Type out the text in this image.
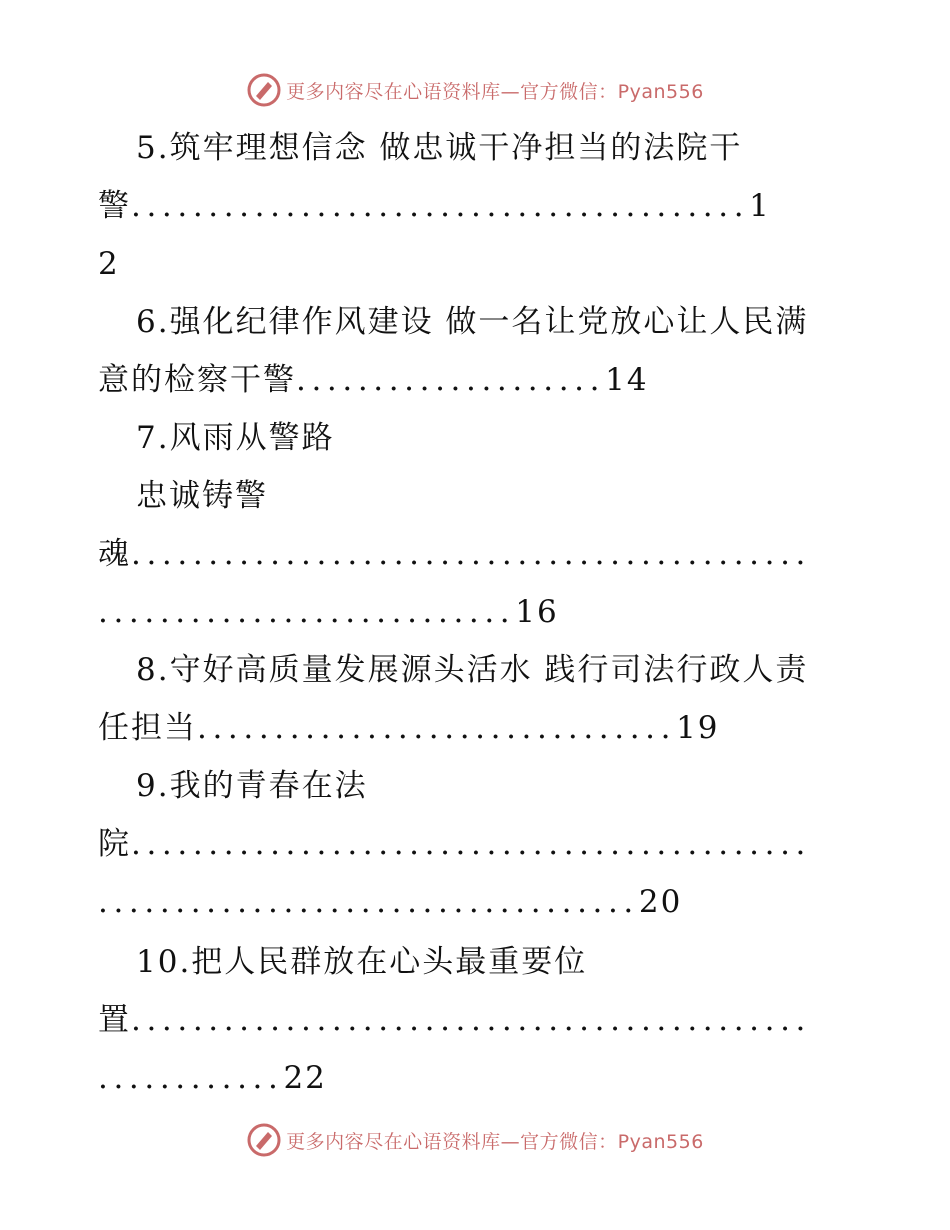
更多内容尽在心语资料库—官方微信：Pyan556
5.筑牢理想信念 做忠诚干净担当的法院干
警........................................1
2
6.强化纪律作风建设 做一名让党放心让人民满
意的检察干警....................14
7.风雨从警路
忠诚铸警
魂............................................
...........................16
8.守好高质量发展源头活水 践行司法行政人责
任担当...............................19
9.我的青春在法
院............................................
...................................20
10.把人民群放在心头最重要位
置............................................
............22
更多内容尽在心语资料库—官方微信：Pyan556
